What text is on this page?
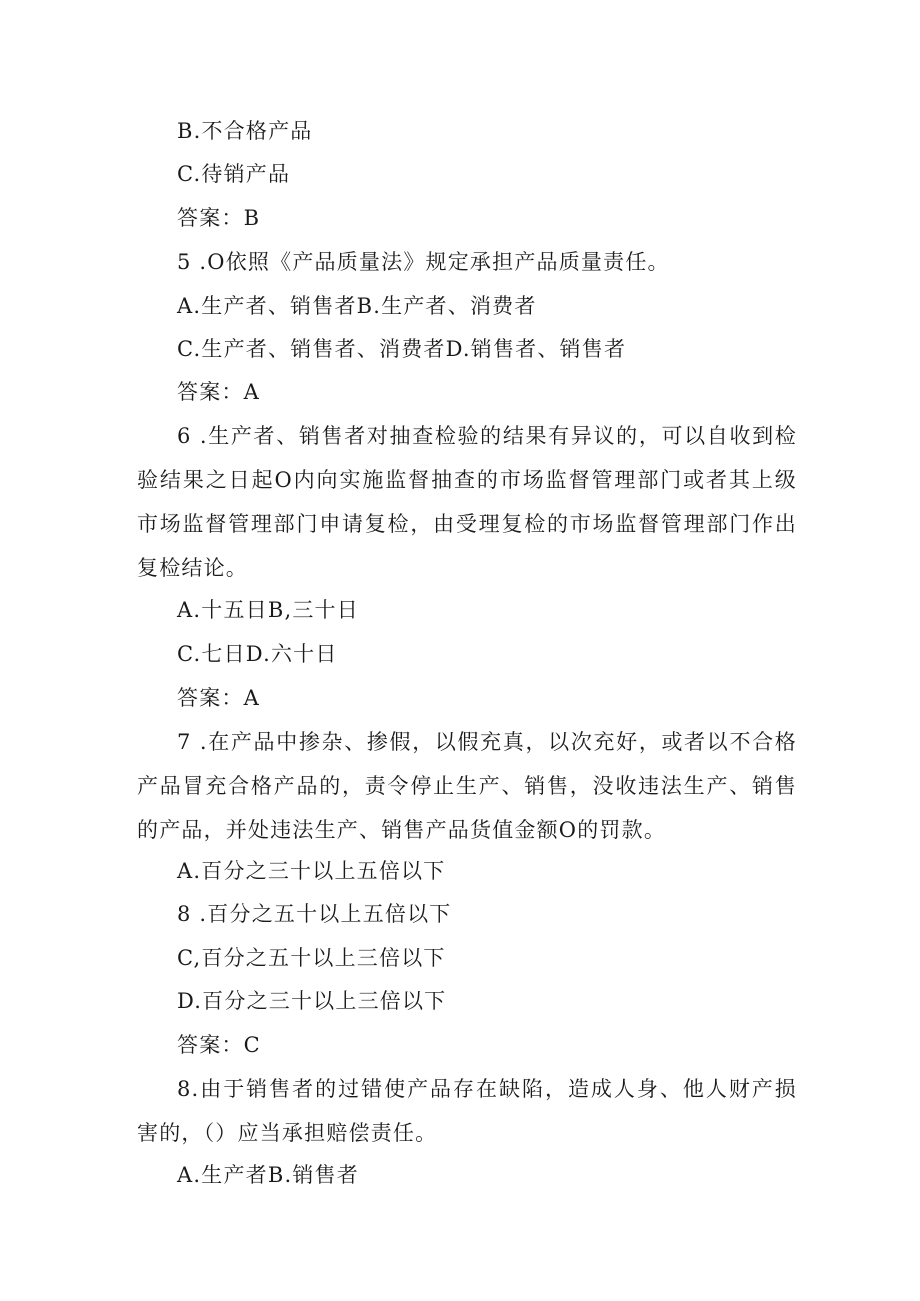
B.不合格产品
C.待销产品
答案：B
5 .O依照《产品质量法》规定承担产品质量责任。
A.生产者、销售者B.生产者、消费者
C.生产者、销售者、消费者D.销售者、销售者
答案：A
6 .生产者、销售者对抽查检验的结果有异议的，可以自收到检验结果之日起O内向实施监督抽查的市场监督管理部门或者其上级市场监督管理部门申请复检，由受理复检的市场监督管理部门作出复检结论。
A.十五日B,三十日
C.七日D.六十日
答案：A
7 .在产品中掺杂、掺假，以假充真，以次充好，或者以不合格产品冒充合格产品的，责令停止生产、销售，没收违法生产、销售的产品，并处违法生产、销售产品货值金额O的罚款。
A.百分之三十以上五倍以下
8 .百分之五十以上五倍以下
C,百分之五十以上三倍以下
D.百分之三十以上三倍以下
答案：C
8.由于销售者的过错使产品存在缺陷，造成人身、他人财产损害的，（）应当承担赔偿责任。
A.生产者B.销售者
